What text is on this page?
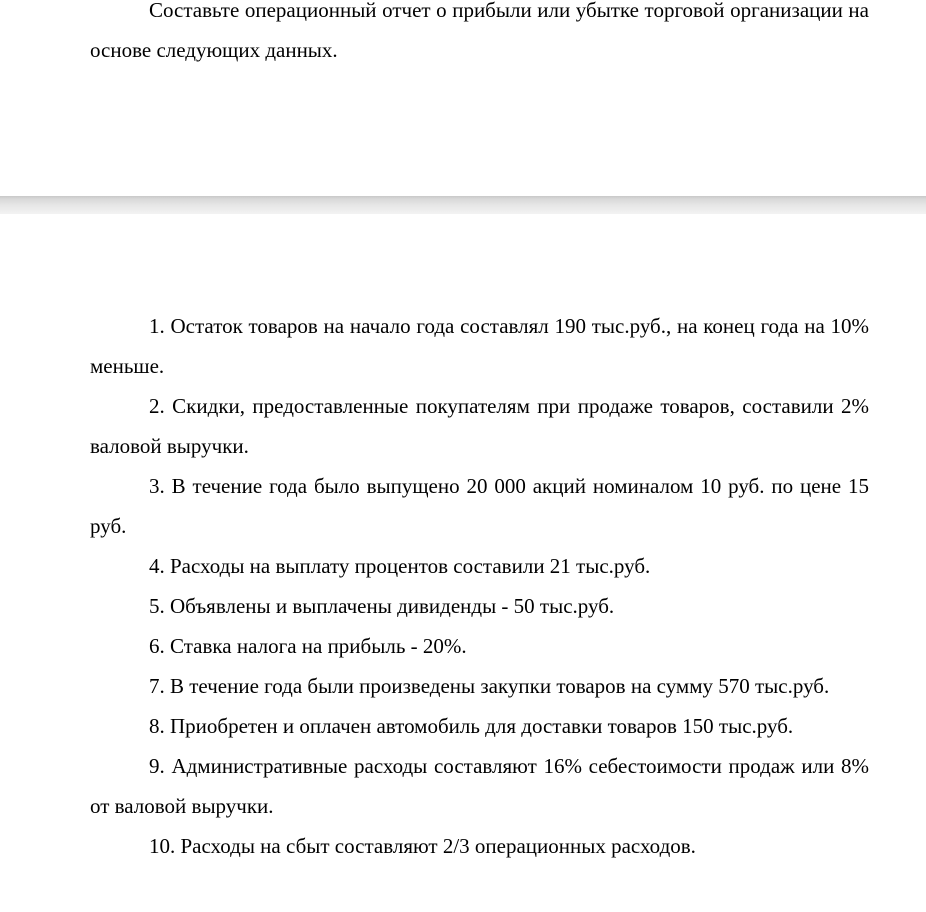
Составьте операционный отчет о прибыли или убытке торговой организации на основе следующих данных.

1. Остаток товаров на начало года составлял 190 тыс.руб., на конец года на 10% меньше.

2. Скидки, предоставленные покупателям при продаже товаров, составили 2% валовой выручки.

3. В течение года было выпущено 20 000 акций номиналом 10 руб. по цене 15 руб.

4. Расходы на выплату процентов составили 21 тыс.руб.

5. Объявлены и выплачены дивиденды - 50 тыс.руб.

6. Ставка налога на прибыль - 20%.

7. В течение года были произведены закупки товаров на сумму 570 тыс.руб.

8. Приобретен и оплачен автомобиль для доставки товаров 150 тыс.руб.

9. Административные расходы составляют 16% себестоимости продаж или 8% от валовой выручки.

10. Расходы на сбыт составляют 2/3 операционных расходов.
